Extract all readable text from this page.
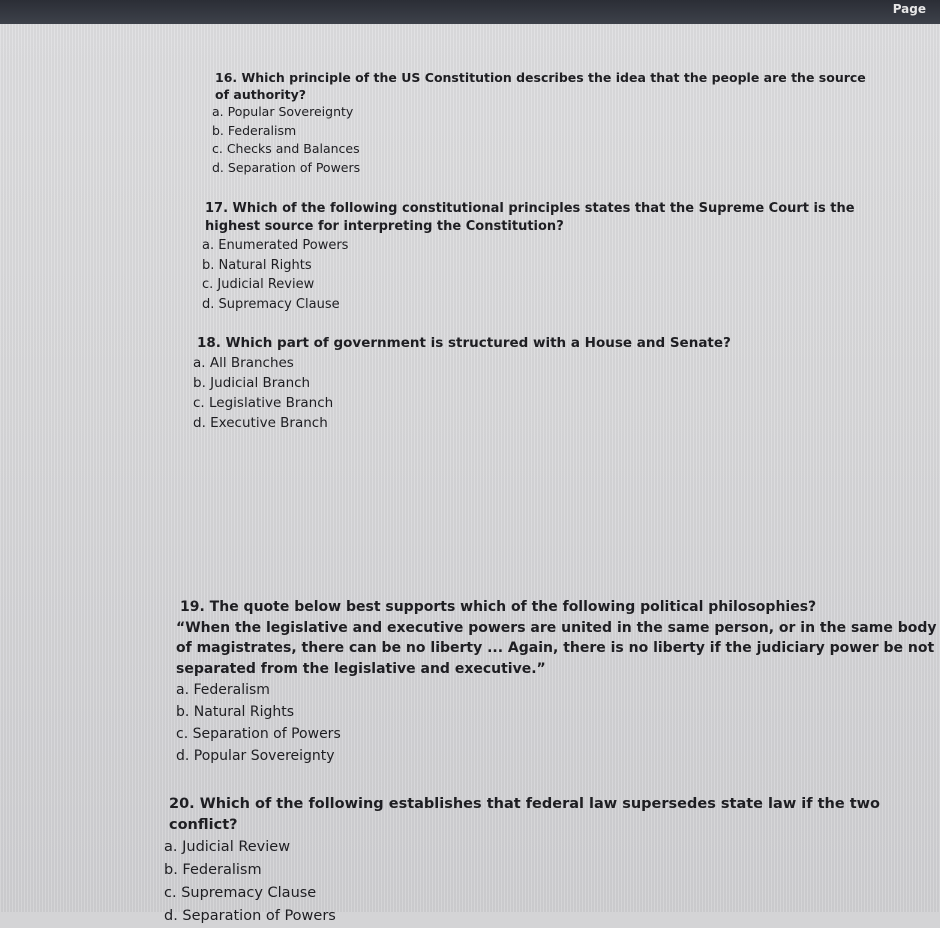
Page

16. Which principle of the US Constitution describes the idea that the people are the source of authority?

a. Popular Sovereignty
b. Federalism
c. Checks and Balances
d. Separation of Powers

17. Which of the following constitutional principles states that the Supreme Court is the highest source for interpreting the Constitution?

a. Enumerated Powers
b. Natural Rights
c. Judicial Review
d. Supremacy Clause

18. Which part of government is structured with a House and Senate?

a. All Branches
b. Judicial Branch
c. Legislative Branch
d. Executive Branch

19. The quote below best supports which of the following political philosophies?

“When the legislative and executive powers are united in the same person, or in the same body of magistrates, there can be no liberty ... Again, there is no liberty if the judiciary power be not separated from the legislative and executive.”

a. Federalism
b. Natural Rights
c. Separation of Powers
d. Popular Sovereignty

20. Which of the following establishes that federal law supersedes state law if the two conflict?

a. Judicial Review
b. Federalism
c. Supremacy Clause
d. Separation of Powers
